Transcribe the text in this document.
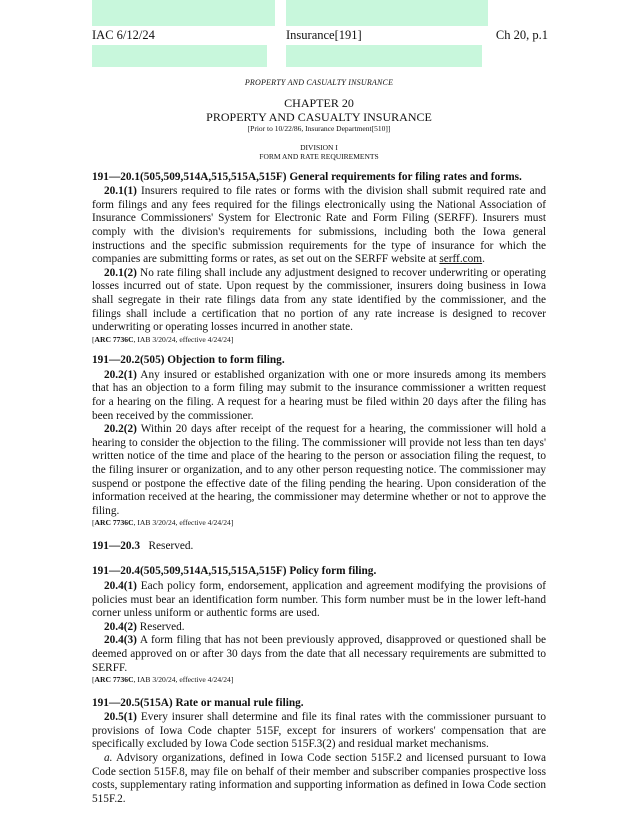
IAC 6/12/24	Insurance[191]	Ch 20, p.1
PROPERTY AND CASUALTY INSURANCE
CHAPTER 20
PROPERTY AND CASUALTY INSURANCE
[Prior to 10/22/86, Insurance Department[510]]
DIVISION I
FORM AND RATE REQUIREMENTS

191—20.1(505,509,514A,515,515A,515F) General requirements for filing rates and forms.

20.1(1) Insurers required to file rates or forms with the division shall submit required rate and form filings and any fees required for the filings electronically using the National Association of Insurance Commissioners' System for Electronic Rate and Form Filing (SERFF). Insurers must comply with the division's requirements for submissions, including both the Iowa general instructions and the specific submission requirements for the type of insurance for which the companies are submitting forms or rates, as set out on the SERFF website at serff.com.

20.1(2) No rate filing shall include any adjustment designed to recover underwriting or operating losses incurred out of state. Upon request by the commissioner, insurers doing business in Iowa shall segregate in their rate filings data from any state identified by the commissioner, and the filings shall include a certification that no portion of any rate increase is designed to recover underwriting or operating losses incurred in another state.

[ARC 7736C, IAB 3/20/24, effective 4/24/24]

191—20.2(505) Objection to form filing.

20.2(1) Any insured or established organization with one or more insureds among its members that has an objection to a form filing may submit to the insurance commissioner a written request for a hearing on the filing. A request for a hearing must be filed within 20 days after the filing has been received by the commissioner.

20.2(2) Within 20 days after receipt of the request for a hearing, the commissioner will hold a hearing to consider the objection to the filing. The commissioner will provide not less than ten days' written notice of the time and place of the hearing to the person or association filing the request, to the filing insurer or organization, and to any other person requesting notice. The commissioner may suspend or postpone the effective date of the filing pending the hearing. Upon consideration of the information received at the hearing, the commissioner may determine whether or not to approve the filing.

[ARC 7736C, IAB 3/20/24, effective 4/24/24]

191—20.3 Reserved.

191—20.4(505,509,514A,515,515A,515F) Policy form filing.

20.4(1) Each policy form, endorsement, application and agreement modifying the provisions of policies must bear an identification form number. This form number must be in the lower left-hand corner unless uniform or authentic forms are used.

20.4(2) Reserved.

20.4(3) A form filing that has not been previously approved, disapproved or questioned shall be deemed approved on or after 30 days from the date that all necessary requirements are submitted to SERFF.

[ARC 7736C, IAB 3/20/24, effective 4/24/24]

191—20.5(515A) Rate or manual rule filing.

20.5(1) Every insurer shall determine and file its final rates with the commissioner pursuant to provisions of Iowa Code chapter 515F, except for insurers of workers' compensation that are specifically excluded by Iowa Code section 515F.3(2) and residual market mechanisms.

a. Advisory organizations, defined in Iowa Code section 515F.2 and licensed pursuant to Iowa Code section 515F.8, may file on behalf of their member and subscriber companies prospective loss costs, supplementary rating information and supporting information as defined in Iowa Code section 515F.2.
